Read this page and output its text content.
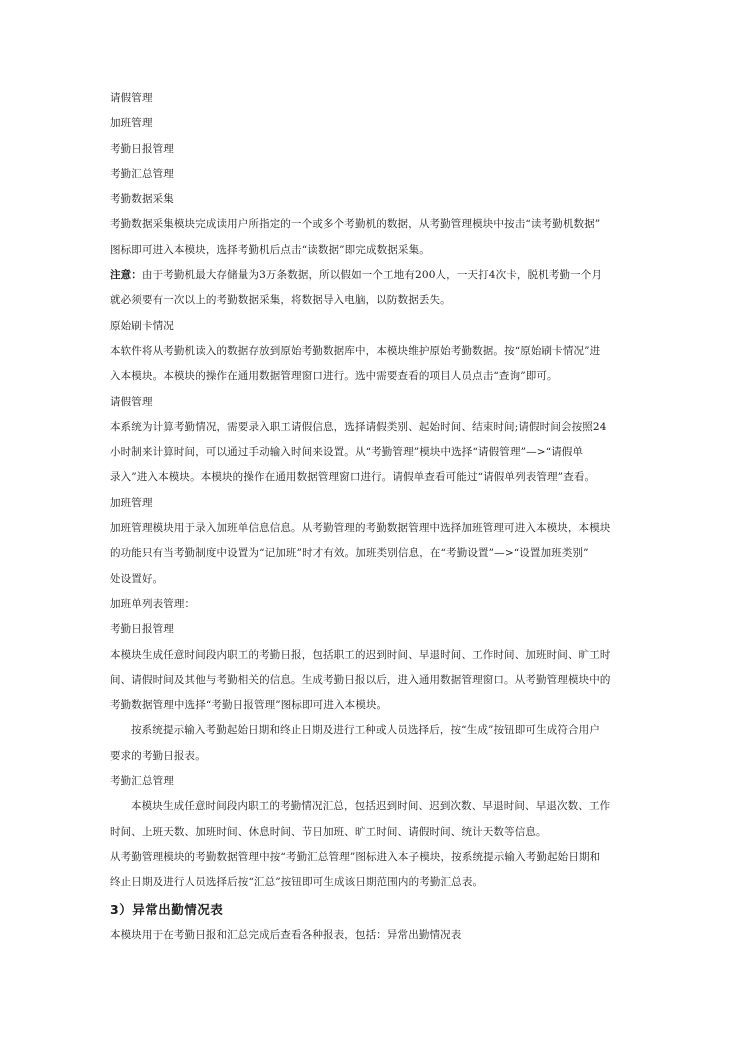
请假管理
加班管理
考勤日报管理
考勤汇总管理
考勤数据采集
考勤数据采集模块完成读用户所指定的一个或多个考勤机的数据，从考勤管理模块中按击“读考勤机数据”
图标即可进入本模块，选择考勤机后点击“读数据”即完成数据采集。
注意：由于考勤机最大存储量为3万条数据，所以假如一个工地有200人，一天打4次卡，脱机考勤一个月
就必须要有一次以上的考勤数据采集，将数据导入电脑，以防数据丢失。
原始刷卡情况
本软件将从考勤机读入的数据存放到原始考勤数据库中，本模块维护原始考勤数据。按“原始刷卡情况”进
入本模块。本模块的操作在通用数据管理窗口进行。选中需要查看的项目人员点击“查询”即可。
请假管理
本系统为计算考勤情况，需要录入职工请假信息，选择请假类别、起始时间、结束时间;请假时间会按照24
小时制来计算时间，可以通过手动输入时间来设置。从“考勤管理”模块中选择“请假管理”—>“请假单
录入”进入本模块。本模块的操作在通用数据管理窗口进行。请假单查看可能过“请假单列表管理”查看。
加班管理
加班管理模块用于录入加班单信息信息。从考勤管理的考勤数据管理中选择加班管理可进入本模块，本模块
的功能只有当考勤制度中设置为“记加班”时才有效。加班类别信息，在“考勤设置”—>“设置加班类别”
处设置好。
加班单列表管理：
考勤日报管理
本模块生成任意时间段内职工的考勤日报，包括职工的迟到时间、早退时间、工作时间、加班时间、旷工时
间、请假时间及其他与考勤相关的信息。生成考勤日报以后，进入通用数据管理窗口。从考勤管理模块中的
考勤数据管理中选择“考勤日报管理”图标即可进入本模块。
按系统提示输入考勤起始日期和终止日期及进行工种或人员选择后，按“生成”按钮即可生成符合用户
要求的考勤日报表。
考勤汇总管理
本模块生成任意时间段内职工的考勤情况汇总，包括迟到时间、迟到次数、早退时间、早退次数、工作
时间、上班天数、加班时间、休息时间、节日加班、旷工时间、请假时间、统计天数等信息。
从考勤管理模块的考勤数据管理中按“考勤汇总管理”图标进入本子模块，按系统提示输入考勤起始日期和
终止日期及进行人员选择后按“汇总”按钮即可生成该日期范围内的考勤汇总表。
3）异常出勤情况表
本模块用于在考勤日报和汇总完成后查看各种报表，包括：异常出勤情况表
